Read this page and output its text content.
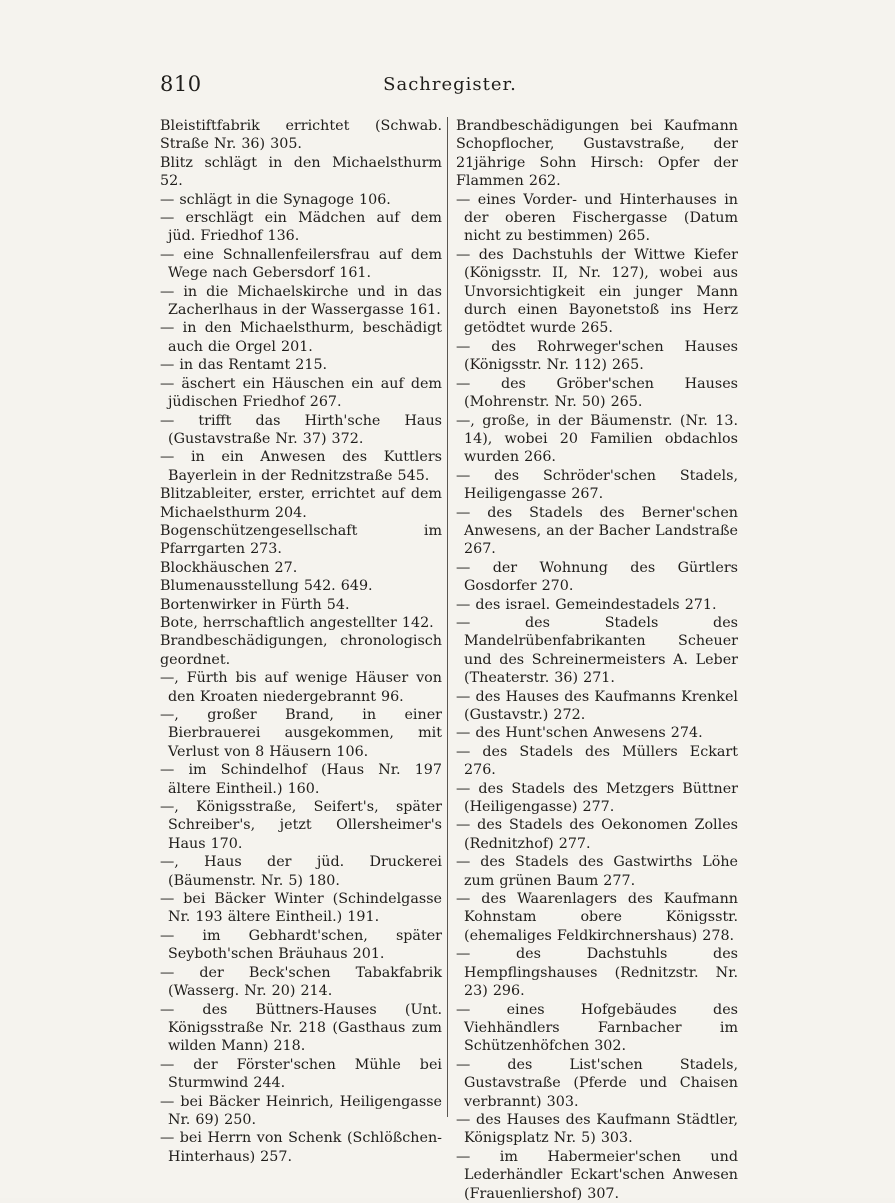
810	Sachregister.

Bleistiftfabrik errichtet (Schwab. Straße Nr. 36) 305.

Blitz schlägt in den Michaelsthurm 52.

— schlägt in die Synagoge 106.

— erschlägt ein Mädchen auf dem jüd. Friedhof 136.

— eine Schnallenfeilersfrau auf dem Wege nach Gebersdorf 161.

— in die Michaelskirche und in das Zacherlhaus in der Wassergasse 161.

— in den Michaelsthurm, beschädigt auch die Orgel 201.

— in das Rentamt 215.

— äschert ein Häuschen ein auf dem jüdischen Friedhof 267.

— trifft das Hirth'sche Haus (Gustavstraße Nr. 37) 372.

— in ein Anwesen des Kuttlers Bayerlein in der Rednitzstraße 545.

Blitzableiter, erster, errichtet auf dem Michaelsthurm 204.

Bogenschützengesellschaft im Pfarrgarten 273.

Blockhäuschen 27.

Blumenausstellung 542. 649.

Bortenwirker in Fürth 54.

Bote, herrschaftlich angestellter 142.

Brandbeschädigungen, chronologisch geordnet.

—, Fürth bis auf wenige Häuser von den Kroaten niedergebrannt 96.

—, großer Brand, in einer Bierbrauerei ausgekommen, mit Verlust von 8 Häusern 106.

— im Schindelhof (Haus Nr. 197 ältere Eintheil.) 160.

—, Königsstraße, Seifert's, später Schreiber's, jetzt Ollersheimer's Haus 170.

—, Haus der jüd. Druckerei (Bäumenstr. Nr. 5) 180.

— bei Bäcker Winter (Schindelgasse Nr. 193 ältere Eintheil.) 191.

— im Gebhardt'schen, später Seyboth'schen Bräuhaus 201.

— der Beck'schen Tabakfabrik (Wasserg. Nr. 20) 214.

— des Büttners-Hauses (Unt. Königsstraße Nr. 218 (Gasthaus zum wilden Mann) 218.

— der Förster'schen Mühle bei Sturmwind 244.

— bei Bäcker Heinrich, Heiligengasse Nr. 69) 250.

— bei Herrn von Schenk (Schlößchen-Hinterhaus) 257.

Brandbeschädigungen bei Kaufmann Schopflocher, Gustavstraße, der 21jährige Sohn Hirsch: Opfer der Flammen 262.

— eines Vorder- und Hinterhauses in der oberen Fischergasse (Datum nicht zu bestimmen) 265.

— des Dachstuhls der Wittwe Kiefer (Königsstr. II, Nr. 127), wobei aus Unvorsichtigkeit ein junger Mann durch einen Bayonetstoß ins Herz getödtet wurde 265.

— des Rohrweger'schen Hauses (Königsstr. Nr. 112) 265.

— des Gröber'schen Hauses (Mohrenstr. Nr. 50) 265.

—, große, in der Bäumenstr. (Nr. 13. 14), wobei 20 Familien obdachlos wurden 266.

— des Schröder'schen Stadels, Heiligengasse 267.

— des Stadels des Berner'schen Anwesens, an der Bacher Landstraße 267.

— der Wohnung des Gürtlers Gosdorfer 270.

— des israel. Gemeindestadels 271.

— des Stadels des Mandelrübenfabrikanten Scheuer und des Schreinermeisters A. Leber (Theaterstr. 36) 271.

— des Hauses des Kaufmanns Krenkel (Gustavstr.) 272.

— des Hunt'schen Anwesens 274.

— des Stadels des Müllers Eckart 276.

— des Stadels des Metzgers Büttner (Heiligengasse) 277.

— des Stadels des Oekonomen Zolles (Rednitzhof) 277.

— des Stadels des Gastwirths Löhe zum grünen Baum 277.

— des Waarenlagers des Kaufmann Kohnstam obere Königsstr. (ehemaliges Feldkirchnershaus) 278.

— des Dachstuhls des Hempflingshauses (Rednitzstr. Nr. 23) 296.

— eines Hofgebäudes des Viehhändlers Farnbacher im Schützenhöfchen 302.

— des List'schen Stadels, Gustavstraße (Pferde und Chaisen verbrannt) 303.

— des Hauses des Kaufmann Städtler, Königsplatz Nr. 5) 303.

— im Habermeier'schen und Lederhändler Eckart'schen Anwesen (Frauenliershof) 307.
